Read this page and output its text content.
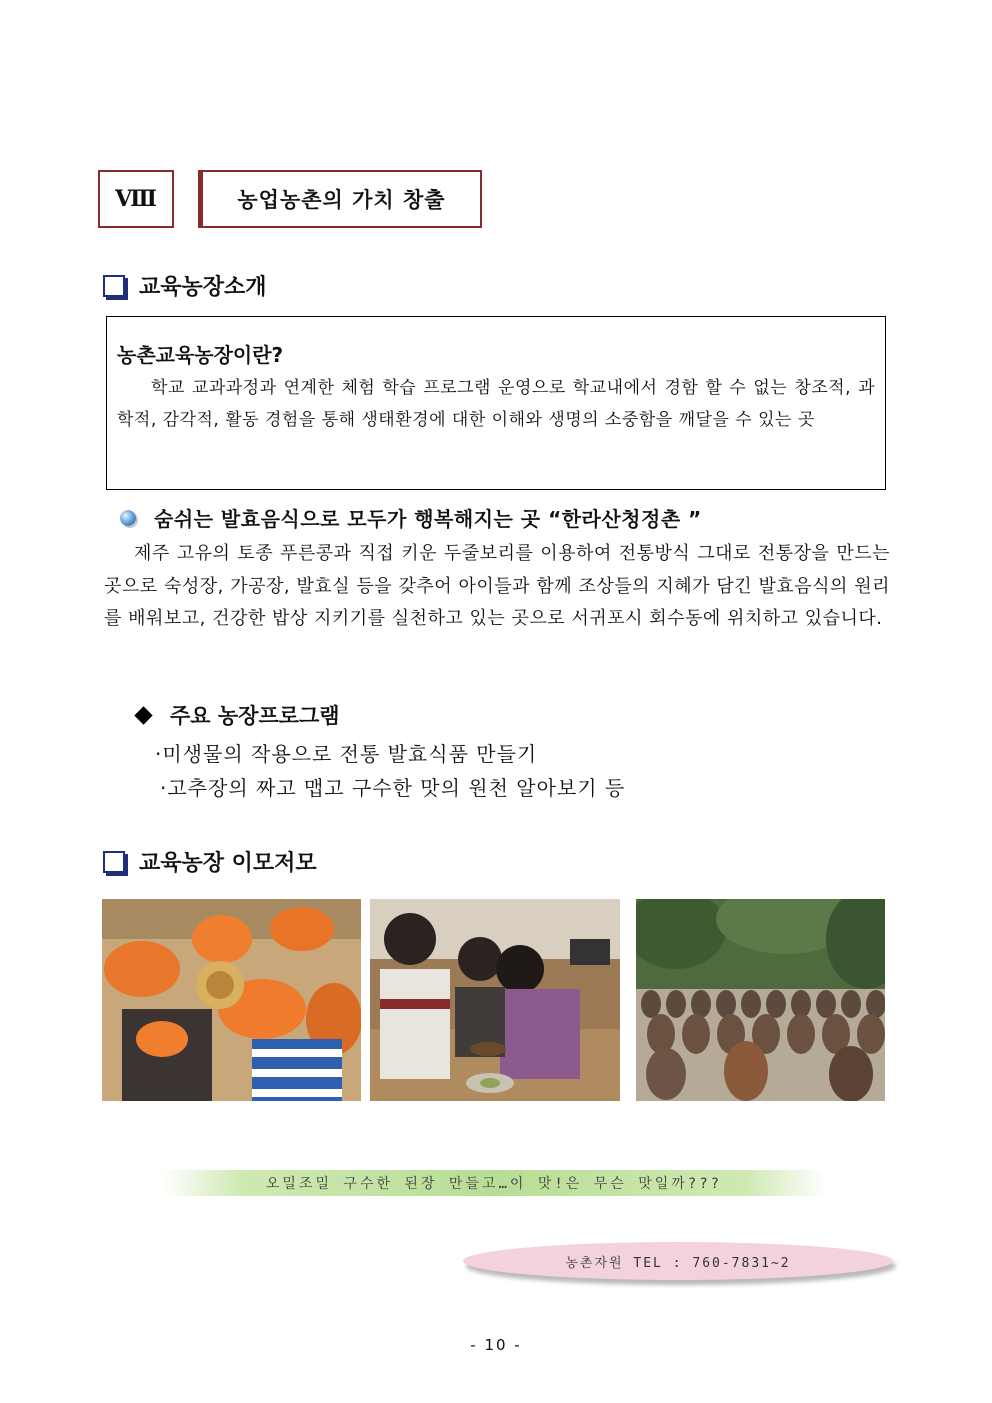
Ⅷ	농업농촌의 가치 창출
교육농장소개
농촌교육농장이란?
학교 교과과정과 연계한 체험 학습 프로그램 운영으로 학교내에서 경함 할 수 없는 창조적, 과학적, 감각적, 활동 경험을 통해 생태환경에 대한 이해와 생명의 소중함을 깨달을 수 있는 곳
숨쉬는 발효음식으로 모두가 행복해지는 곳 “한라산청정촌 ”
제주 고유의 토종 푸른콩과 직접 키운 두줄보리를 이용하여 전통방식 그대로 전통장을 만드는 곳으로 숙성장, 가공장, 발효실 등을 갖추어 아이들과 함께 조상들의 지혜가 담긴 발효음식의 원리를 배워보고, 건강한 밥상 지키기를 실천하고 있는 곳으로 서귀포시 회수동에 위치하고 있습니다.
주요 농장프로그램
‧미생물의 작용으로 전통 발효식품 만들기
‧고추장의 짜고 맵고 구수한 맛의 원천 알아보기 등
교육농장 이모저모
오밀조밀 구수한 된장 만들고…이 맛!은 무슨 맛일까???
농촌자원 TEL : 760-7831~2
- 10 -
